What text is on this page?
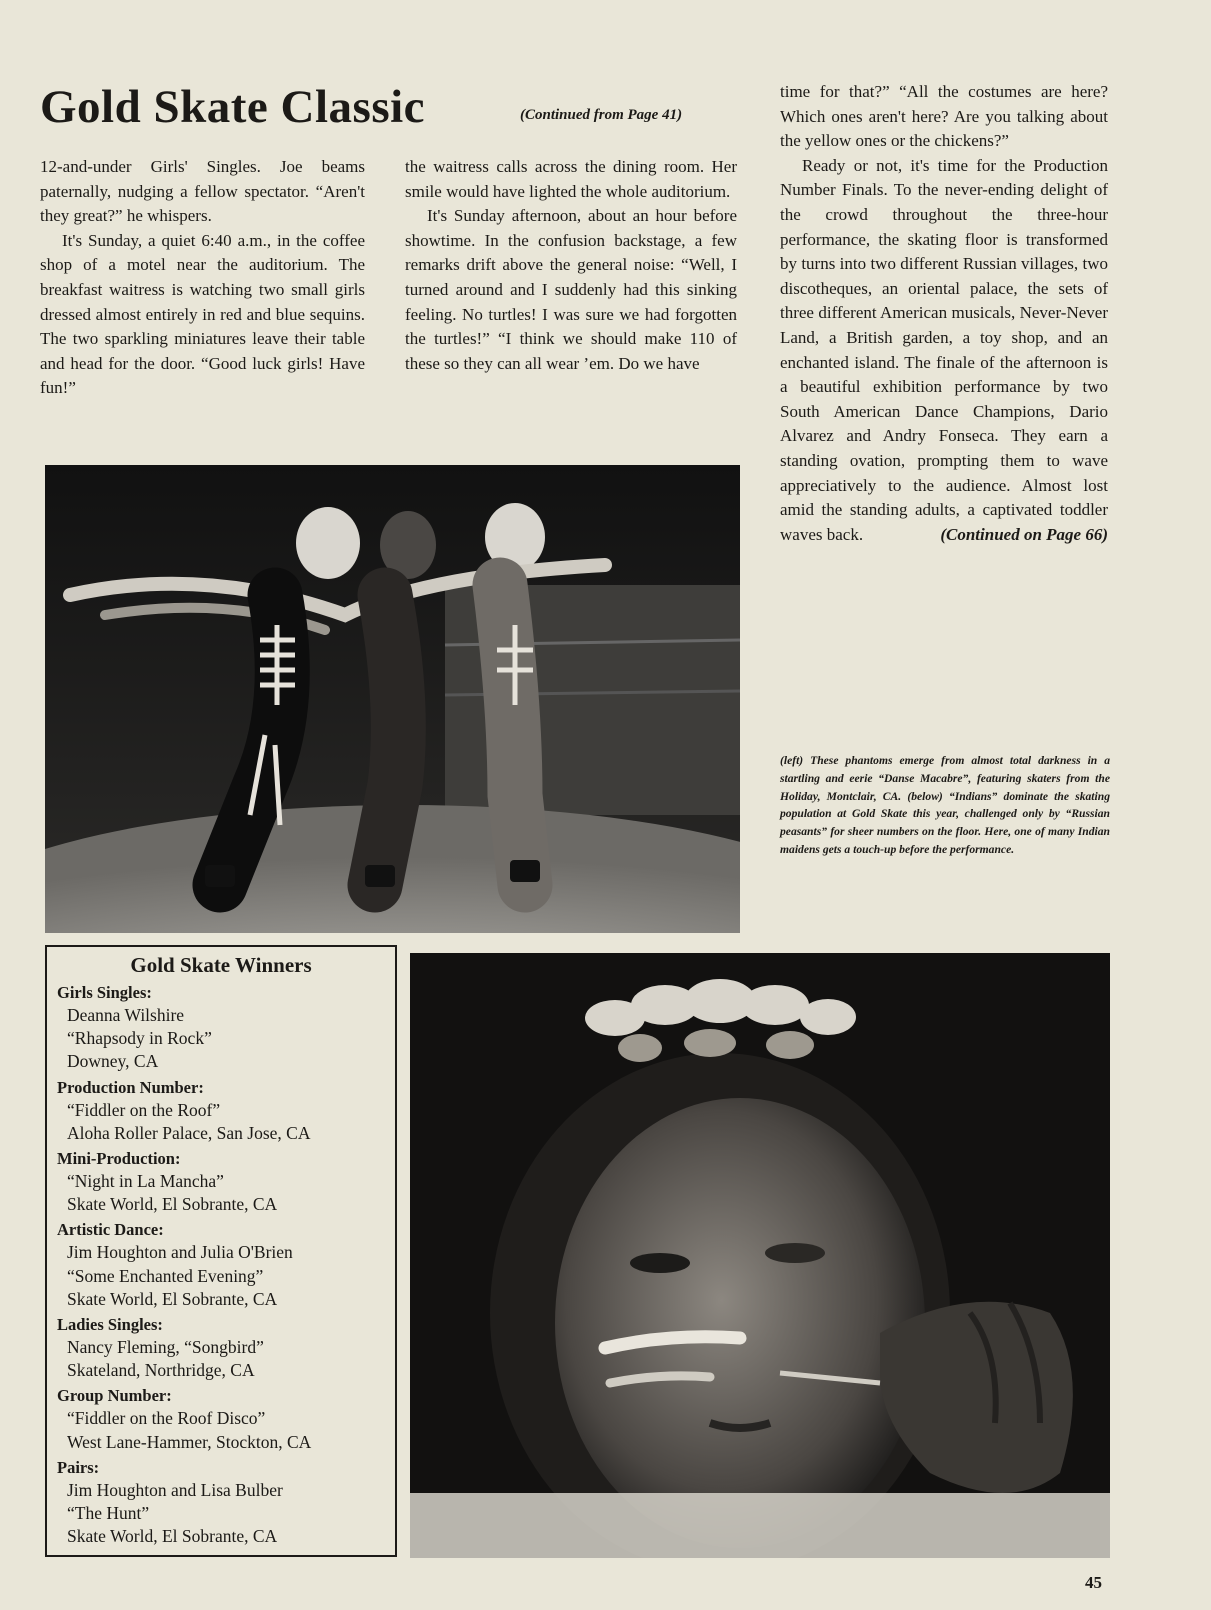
Gold Skate Classic	(Continued from Page 41)

12-and-under Girls' Singles. Joe beams paternally, nudging a fellow spectator. “Aren't they great?” he whispers.

It's Sunday, a quiet 6:40 a.m., in the coffee shop of a motel near the auditorium. The breakfast waitress is watching two small girls dressed almost entirely in red and blue sequins. The two sparkling miniatures leave their table and head for the door. “Good luck girls! Have fun!”

the waitress calls across the dining room. Her smile would have lighted the whole auditorium.

It's Sunday afternoon, about an hour before showtime. In the confusion backstage, a few remarks drift above the general noise: “Well, I turned around and I suddenly had this sinking feeling. No turtles! I was sure we had forgotten the turtles!” “I think we should make 110 of these so they can all wear ’em. Do we have

time for that?” “All the costumes are here? Which ones aren't here? Are you talking about the yellow ones or the chickens?”

Ready or not, it's time for the Production Number Finals. To the never-ending delight of the crowd throughout the three-hour performance, the skating floor is transformed by turns into two different Russian villages, two discotheques, an oriental palace, the sets of three different American musicals, Never-Never Land, a British garden, a toy shop, and an enchanted island. The finale of the afternoon is a beautiful exhibition performance by two South American Dance Champions, Dario Alvarez and Andry Fonseca. They earn a standing ovation, prompting them to wave appreciatively to the audience. Almost lost amid the standing adults, a captivated toddler waves back.	(Continued on Page 66)

(left) These phantoms emerge from almost total darkness in a startling and eerie “Danse Macabre”, featuring skaters from the Holiday, Montclair, CA. (below) “Indians” dominate the skating population at Gold Skate this year, challenged only by “Russian peasants” for sheer numbers on the floor. Here, one of many Indian maidens gets a touch-up before the performance.
Gold Skate Winners
Girls Singles:
Deanna Wilshire
“Rhapsody in Rock”
Downey, CA
Production Number:
“Fiddler on the Roof”
Aloha Roller Palace, San Jose, CA
Mini-Production:
“Night in La Mancha”
Skate World, El Sobrante, CA
Artistic Dance:
Jim Houghton and Julia O'Brien
“Some Enchanted Evening”
Skate World, El Sobrante, CA
Ladies Singles:
Nancy Fleming, “Songbird”
Skateland, Northridge, CA
Group Number:
“Fiddler on the Roof Disco”
West Lane-Hammer, Stockton, CA
Pairs:
Jim Houghton and Lisa Bulber
“The Hunt”
Skate World, El Sobrante, CA
45
